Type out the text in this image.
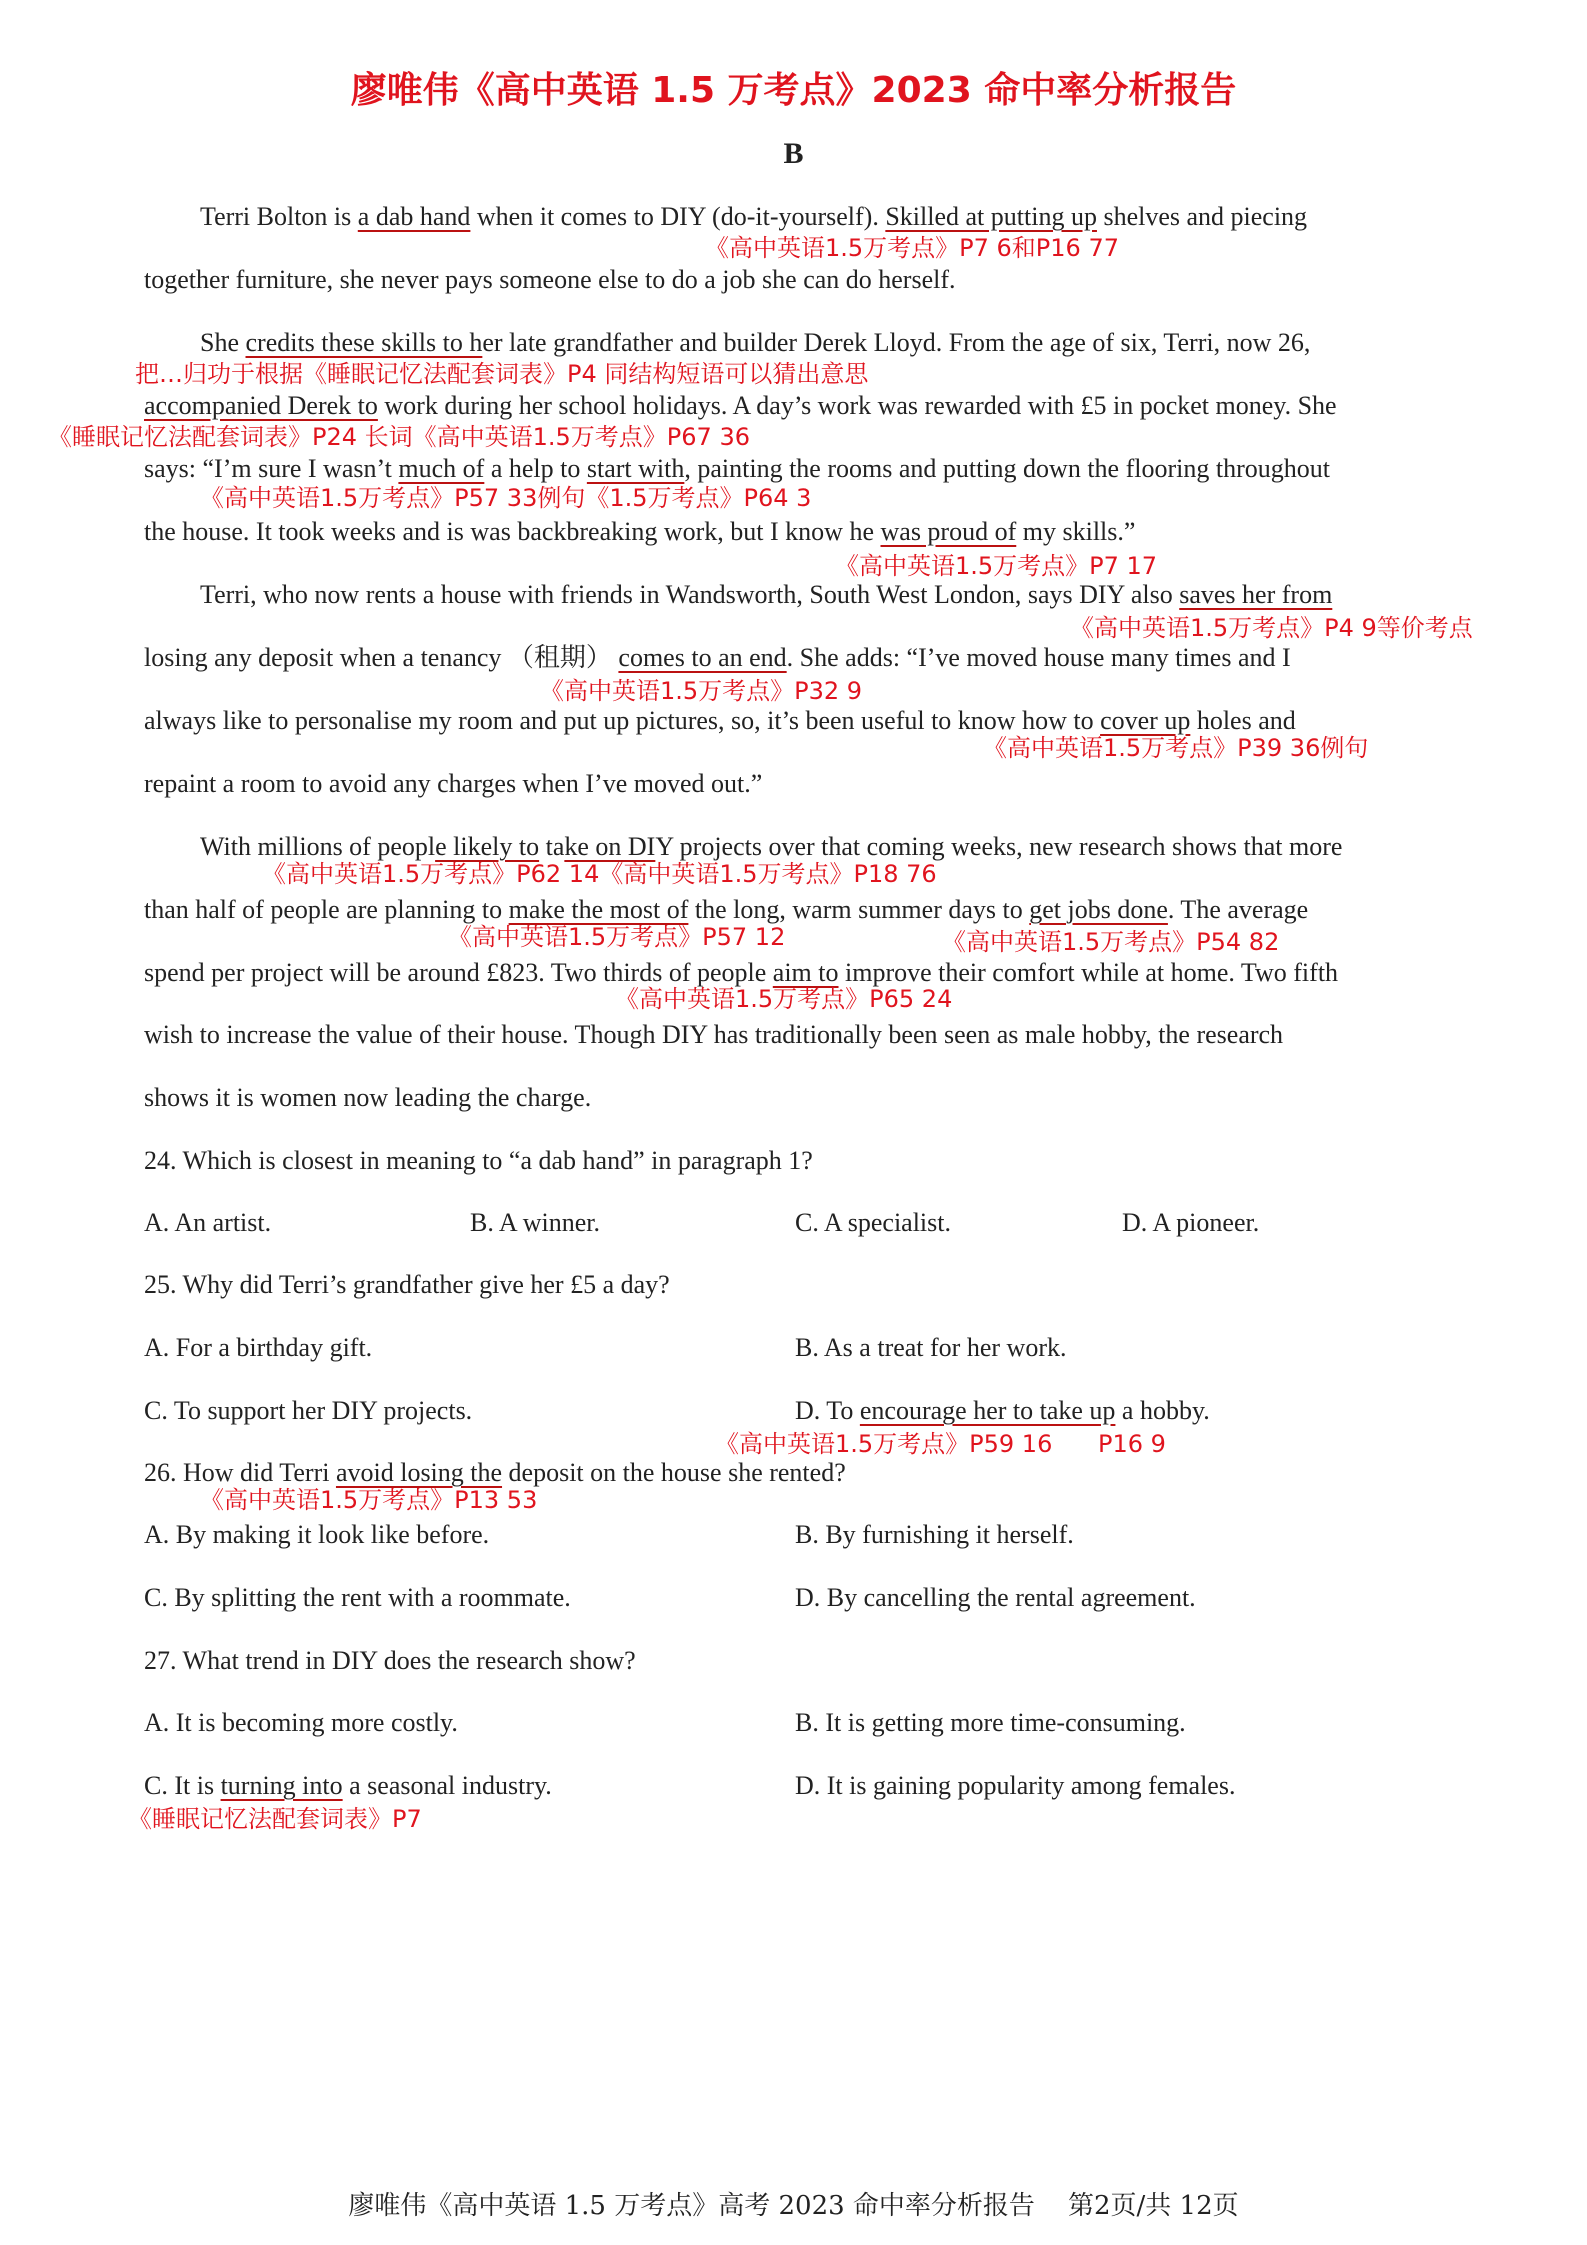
廖唯伟《高中英语 1.5 万考点》2023 命中率分析报告
B
Terri Bolton is a dab hand when it comes to DIY (do-it-yourself). Skilled at putting up shelves and piecing
《高中英语1.5万考点》P7 6和P16 77
together furniture, she never pays someone else to do a job she can do herself.
She credits these skills to her late grandfather and builder Derek Lloyd. From the age of six, Terri, now 26,
把…归功于根据《睡眠记忆法配套词表》P4 同结构短语可以猜出意思
accompanied Derek to work during her school holidays. A day’s work was rewarded with £5 in pocket money. She
《睡眠记忆法配套词表》P24 长词《高中英语1.5万考点》P67 36
says: “I’m sure I wasn’t much of a help to start with, painting the rooms and putting down the flooring throughout
《高中英语1.5万考点》P57 33例句《1.5万考点》P64 3
the house. It took weeks and is was backbreaking work, but I know he was proud of my skills.”
《高中英语1.5万考点》P7 17
Terri, who now rents a house with friends in Wandsworth, South West London, says DIY also saves her from
《高中英语1.5万考点》P4 9等价考点
losing any deposit when a tenancy （租期） comes to an end. She adds: “I’ve moved house many times and I
《高中英语1.5万考点》P32 9
always like to personalise my room and put up pictures, so, it’s been useful to know how to cover up holes and
《高中英语1.5万考点》P39 36例句
repaint a room to avoid any charges when I’ve moved out.”
With millions of people likely to take on DIY projects over that coming weeks, new research shows that more
《高中英语1.5万考点》P62 14《高中英语1.5万考点》P18 76
than half of people are planning to make the most of the long, warm summer days to get jobs done. The average
《高中英语1.5万考点》P57 12	《高中英语1.5万考点》P54 82
spend per project will be around £823. Two thirds of people aim to improve their comfort while at home. Two fifth
《高中英语1.5万考点》P65 24
wish to increase the value of their house. Though DIY has traditionally been seen as male hobby, the research
shows it is women now leading the charge.
24. Which is closest in meaning to “a dab hand” in paragraph 1?
A. An artist.	B. A winner.	C. A specialist.	D. A pioneer.
25. Why did Terri’s grandfather give her £5 a day?
A. For a birthday gift.	B. As a treat for her work.
C. To support her DIY projects.	D. To encourage her to take up a hobby.
《高中英语1.5万考点》P59 16 P16 9
26. How did Terri avoid losing the deposit on the house she rented?
《高中英语1.5万考点》P13 53
A. By making it look like before.	B. By furnishing it herself.
C. By splitting the rent with a roommate.	D. By cancelling the rental agreement.
27. What trend in DIY does the research show?
A. It is becoming more costly.	B. It is getting more time-consuming.
C. It is turning into a seasonal industry.	D. It is gaining popularity among females.
《睡眠记忆法配套词表》P7
廖唯伟《高中英语 1.5 万考点》高考 2023 命中率分析报告 第2页/共 12页
